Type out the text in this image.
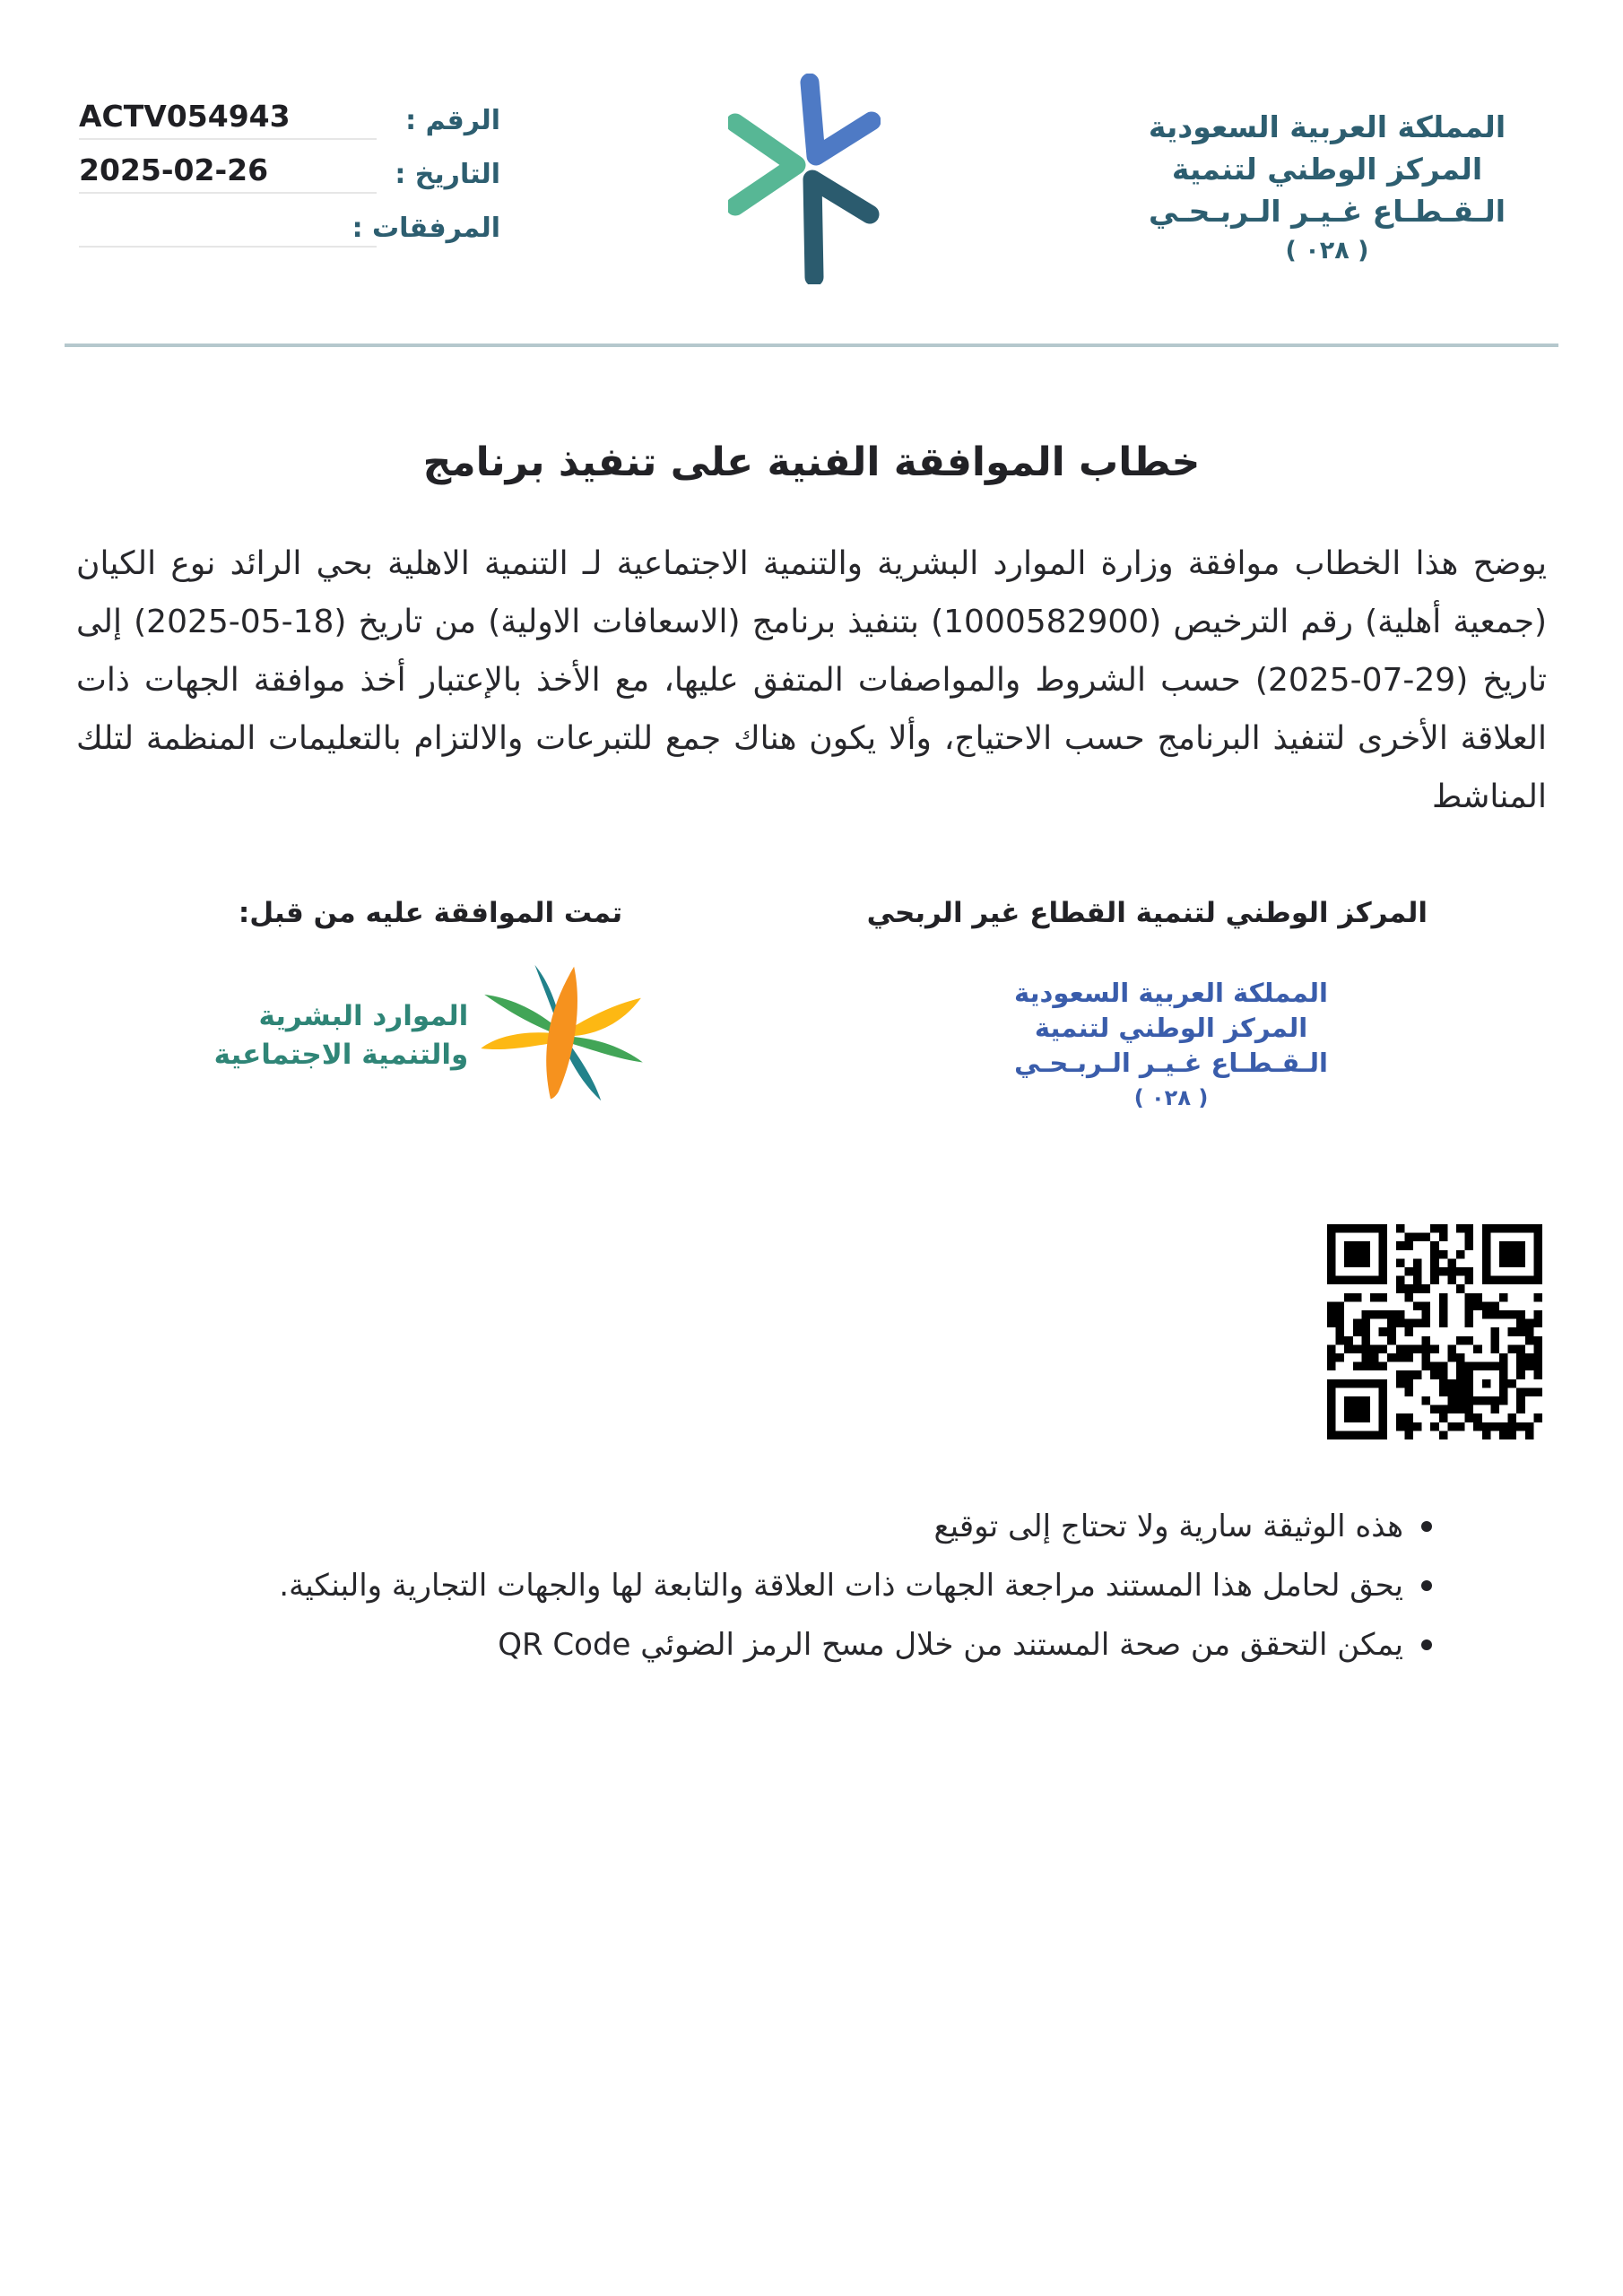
الرقم :
ACTV054943
التاريخ :
2025-02-26
المرفقات :
المملكة العربية السعودية
المركز الوطني لتنمية
الـقـطـاع غـيـر الـربـحـي
( ٠٢٨ )
خطاب الموافقة الفنية على تنفيذ برنامج
يوضح هذا الخطاب موافقة وزارة الموارد البشرية والتنمية الاجتماعية لـ التنمية الاهلية بحي الرائد نوع الكيان (جمعية أهلية) رقم الترخيص (1000582900) بتنفيذ برنامج (الاسعافات الاولية) من تاريخ (18-05-2025) إلى تاريخ (29-07-2025) حسب الشروط والمواصفات المتفق عليها، مع الأخذ بالإعتبار أخذ موافقة الجهات ذات العلاقة الأخرى لتنفيذ البرنامج حسب الاحتياج، وألا يكون هناك جمع للتبرعات والالتزام بالتعليمات المنظمة لتلك المناشط
المركز الوطني لتنمية القطاع غير الربحي
المملكة العربية السعودية
المركز الوطني لتنمية
الـقـطـاع غـيـر الـربـحـي
( ٠٢٨ )
تمت الموافقة عليه من قبل:
الموارد البشرية
والتنمية الاجتماعية
هذه الوثيقة سارية ولا تحتاج إلى توقيع
يحق لحامل هذا المستند مراجعة الجهات ذات العلاقة والتابعة لها والجهات التجارية والبنكية.
يمكن التحقق من صحة المستند من خلال مسح الرمز الضوئي QR Code
